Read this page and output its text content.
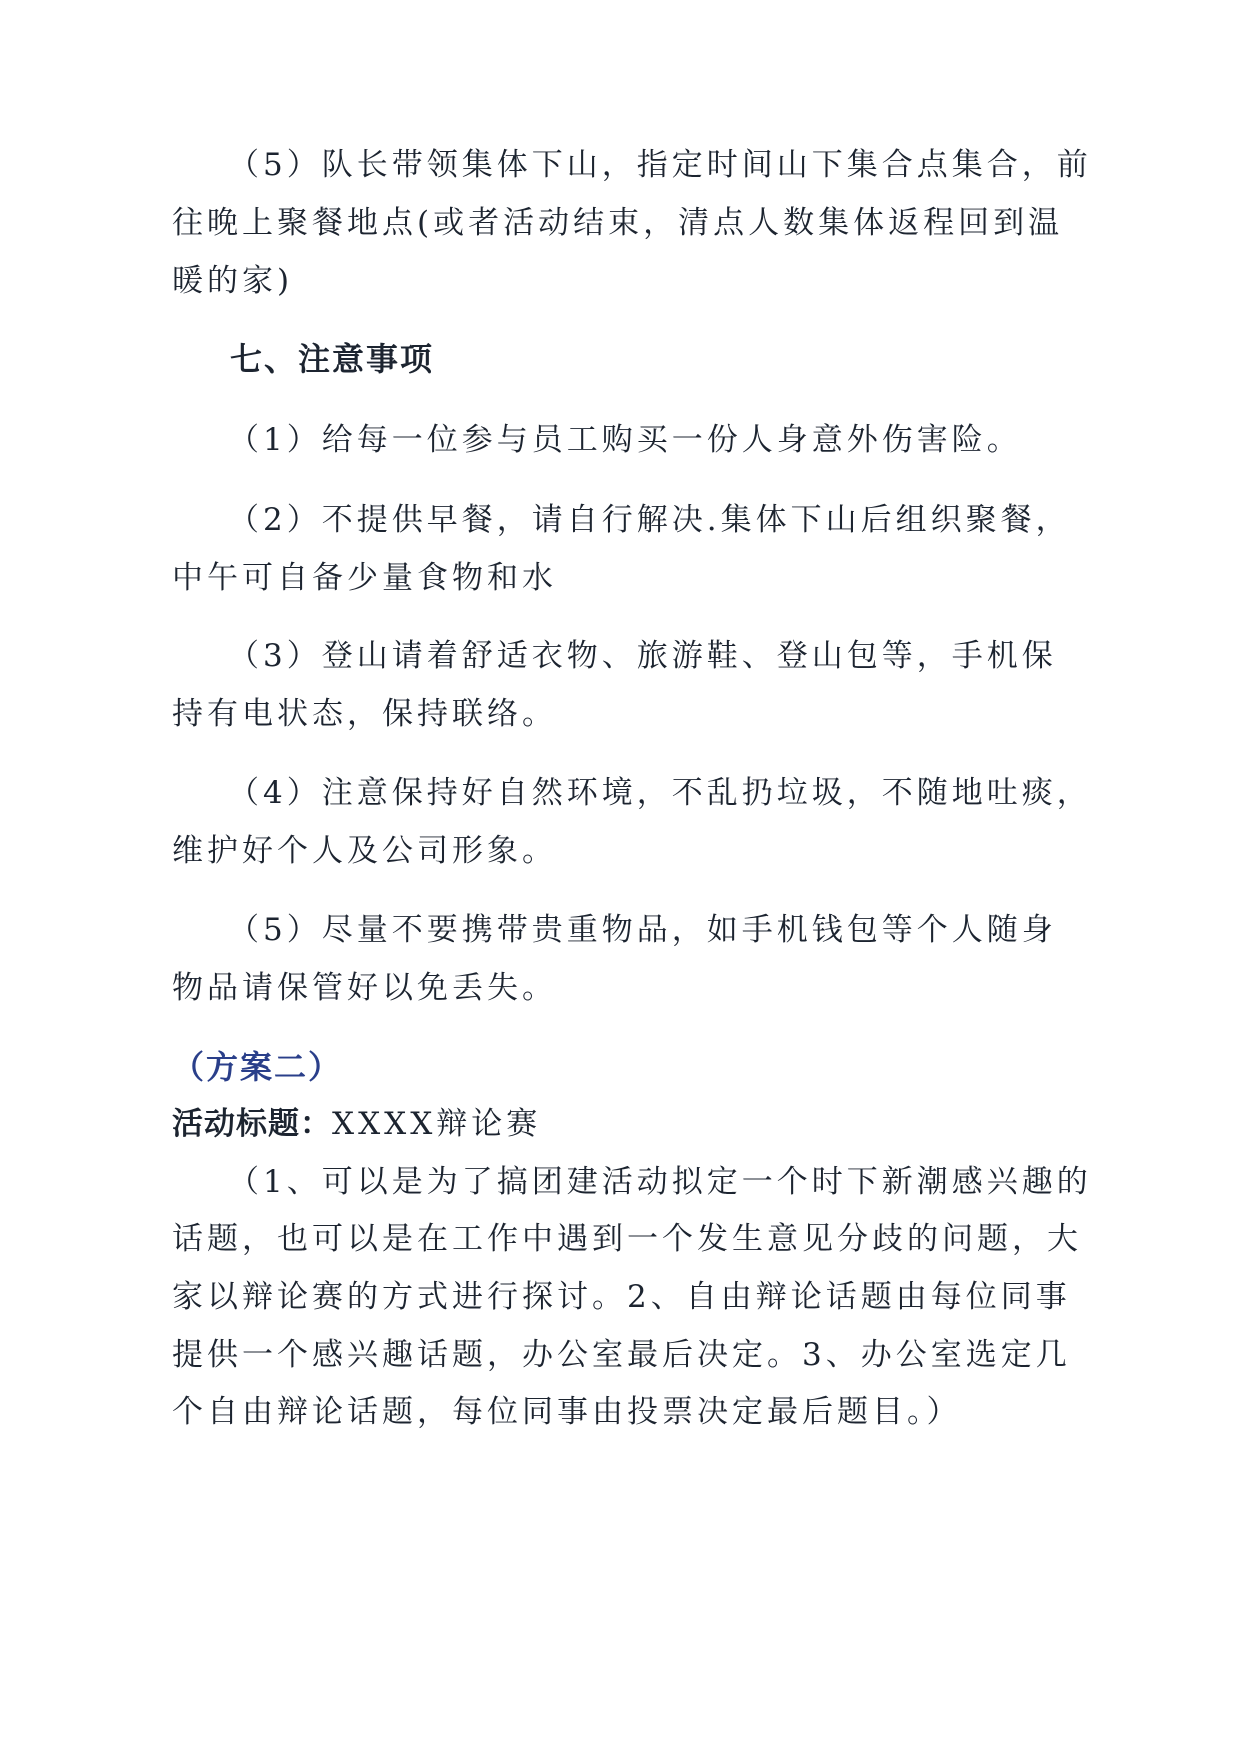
（5）队长带领集体下山，指定时间山下集合点集合，前
往晚上聚餐地点(或者活动结束，清点人数集体返程回到温
暖的家)
七、注意事项
（1）给每一位参与员工购买一份人身意外伤害险。
（2）不提供早餐，请自行解决.集体下山后组织聚餐，
中午可自备少量食物和水
（3）登山请着舒适衣物、旅游鞋、登山包等，手机保
持有电状态，保持联络。
（4）注意保持好自然环境，不乱扔垃圾，不随地吐痰，
维护好个人及公司形象。
（5）尽量不要携带贵重物品，如手机钱包等个人随身
物品请保管好以免丢失。
（方案二）
活动标题：XXXX辩论赛
（1、可以是为了搞团建活动拟定一个时下新潮感兴趣的
话题，也可以是在工作中遇到一个发生意见分歧的问题，大
家以辩论赛的方式进行探讨。2、自由辩论话题由每位同事
提供一个感兴趣话题，办公室最后决定。3、办公室选定几
个自由辩论话题，每位同事由投票决定最后题目。）
